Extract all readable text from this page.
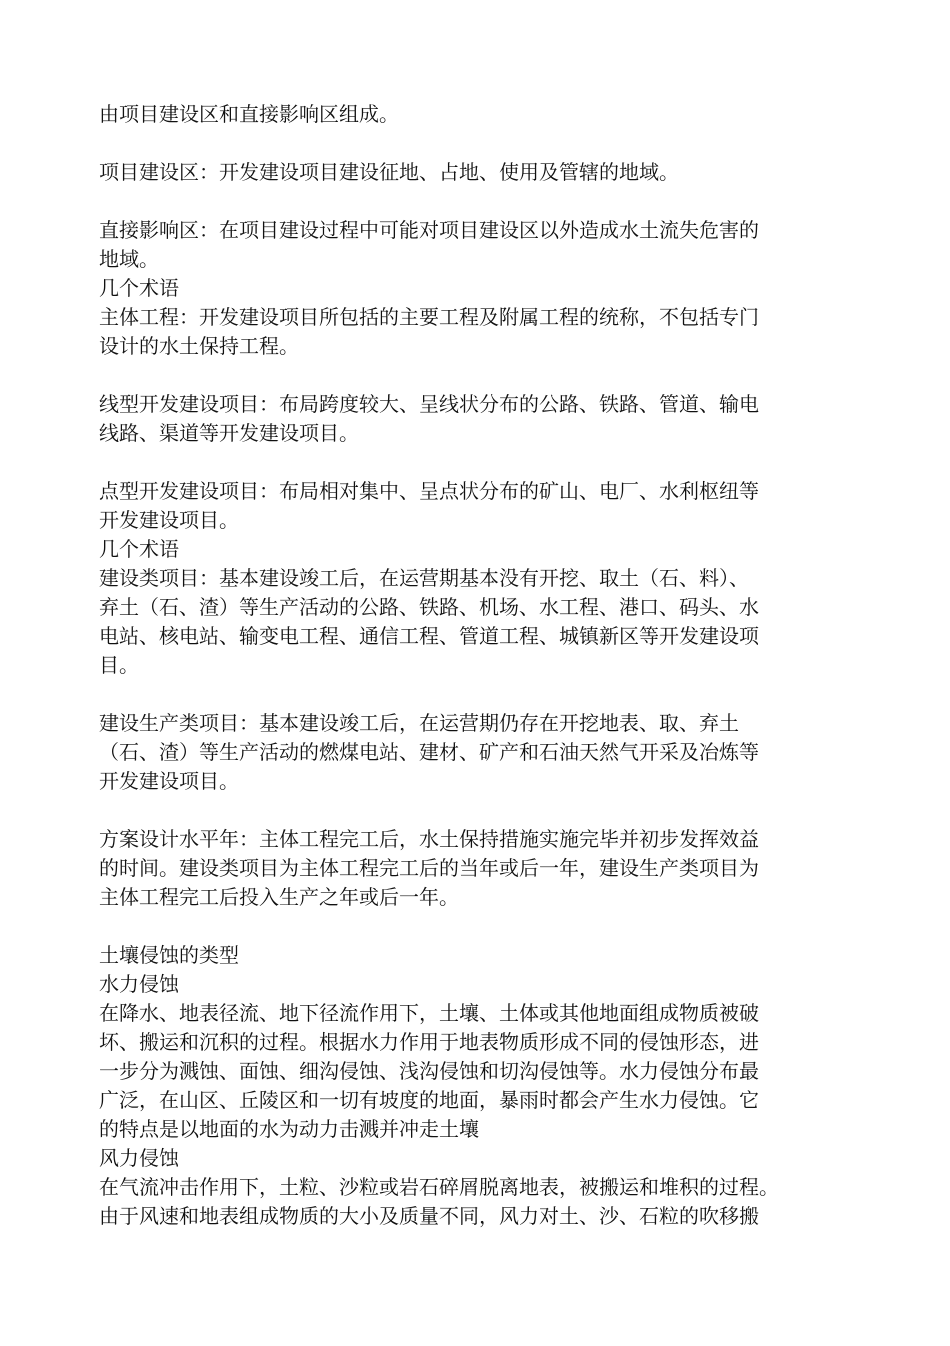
由项目建设区和直接影响区组成。
项目建设区：开发建设项目建设征地、占地、使用及管辖的地域。
直接影响区：在项目建设过程中可能对项目建设区以外造成水土流失危害的
地域。
几个术语
主体工程：开发建设项目所包括的主要工程及附属工程的统称，不包括专门
设计的水土保持工程。
线型开发建设项目：布局跨度较大、呈线状分布的公路、铁路、管道、输电
线路、渠道等开发建设项目。
点型开发建设项目：布局相对集中、呈点状分布的矿山、电厂、水利枢纽等
开发建设项目。
几个术语
建设类项目：基本建设竣工后，在运营期基本没有开挖、取土（石、料）、
弃土（石、渣）等生产活动的公路、铁路、机场、水工程、港口、码头、水
电站、核电站、输变电工程、通信工程、管道工程、城镇新区等开发建设项
目。
建设生产类项目：基本建设竣工后，在运营期仍存在开挖地表、取、弃土
（石、渣）等生产活动的燃煤电站、建材、矿产和石油天然气开采及冶炼等
开发建设项目。
方案设计水平年：主体工程完工后，水土保持措施实施完毕并初步发挥效益
的时间。建设类项目为主体工程完工后的当年或后一年，建设生产类项目为
主体工程完工后投入生产之年或后一年。
土壤侵蚀的类型
水力侵蚀
在降水、地表径流、地下径流作用下，土壤、土体或其他地面组成物质被破
坏、搬运和沉积的过程。根据水力作用于地表物质形成不同的侵蚀形态，进
一步分为溅蚀、面蚀、细沟侵蚀、浅沟侵蚀和切沟侵蚀等。水力侵蚀分布最
广泛，在山区、丘陵区和一切有坡度的地面，暴雨时都会产生水力侵蚀。它
的特点是以地面的水为动力击溅并冲走土壤
风力侵蚀
在气流冲击作用下，土粒、沙粒或岩石碎屑脱离地表，被搬运和堆积的过程。
由于风速和地表组成物质的大小及质量不同，风力对土、沙、石粒的吹移搬
